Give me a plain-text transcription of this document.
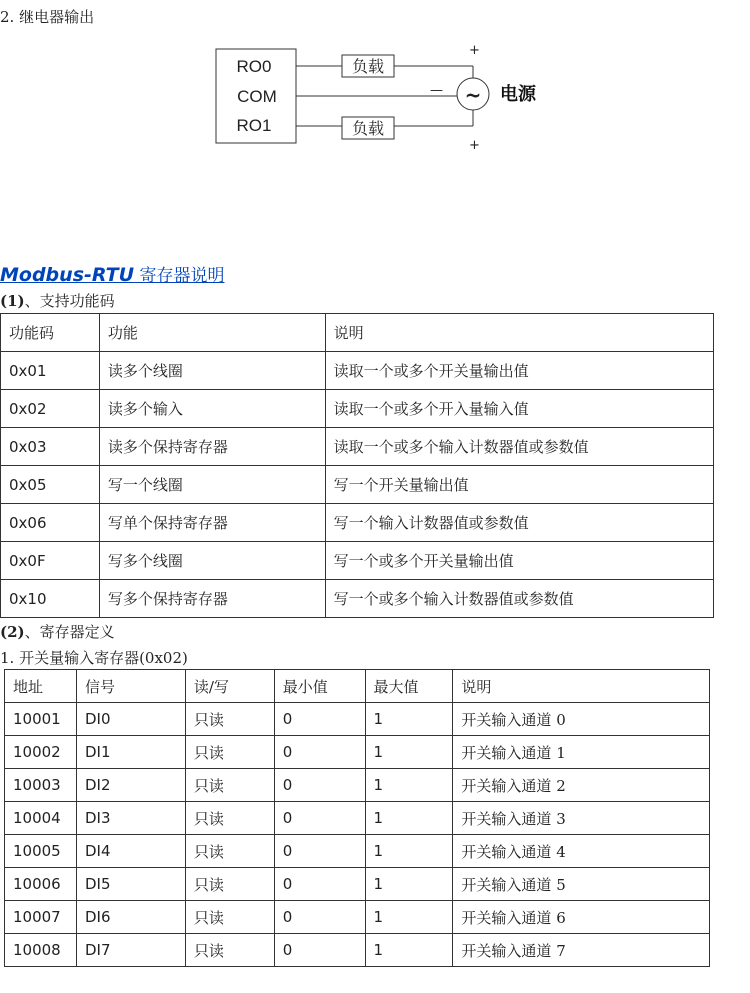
2. 继电器输出
RO0
COM
RO1
负载
+
— ~ 电源
负载
+
Modbus-RTU 寄存器说明
(1)、支持功能码
功能码	功能	说明
0x01	读多个线圈	读取一个或多个开关量输出值
0x02	读多个输入	读取一个或多个开入量输入值
0x03	读多个保持寄存器	读取一个或多个输入计数器值或参数值
0x05	写一个线圈	写一个开关量输出值
0x06	写单个保持寄存器	写一个输入计数器值或参数值
0x0F	写多个线圈	写一个或多个开关量输出值
0x10	写多个保持寄存器	写一个或多个输入计数器值或参数值
(2)、寄存器定义
1. 开关量输入寄存器(0x02)
地址	信号	读/写	最小值	最大值	说明
10001	DI0	只读	0	1	开关输入通道 0
10002	DI1	只读	0	1	开关输入通道 1
10003	DI2	只读	0	1	开关输入通道 2
10004	DI3	只读	0	1	开关输入通道 3
10005	DI4	只读	0	1	开关输入通道 4
10006	DI5	只读	0	1	开关输入通道 5
10007	DI6	只读	0	1	开关输入通道 6
10008	DI7	只读	0	1	开关输入通道 7
